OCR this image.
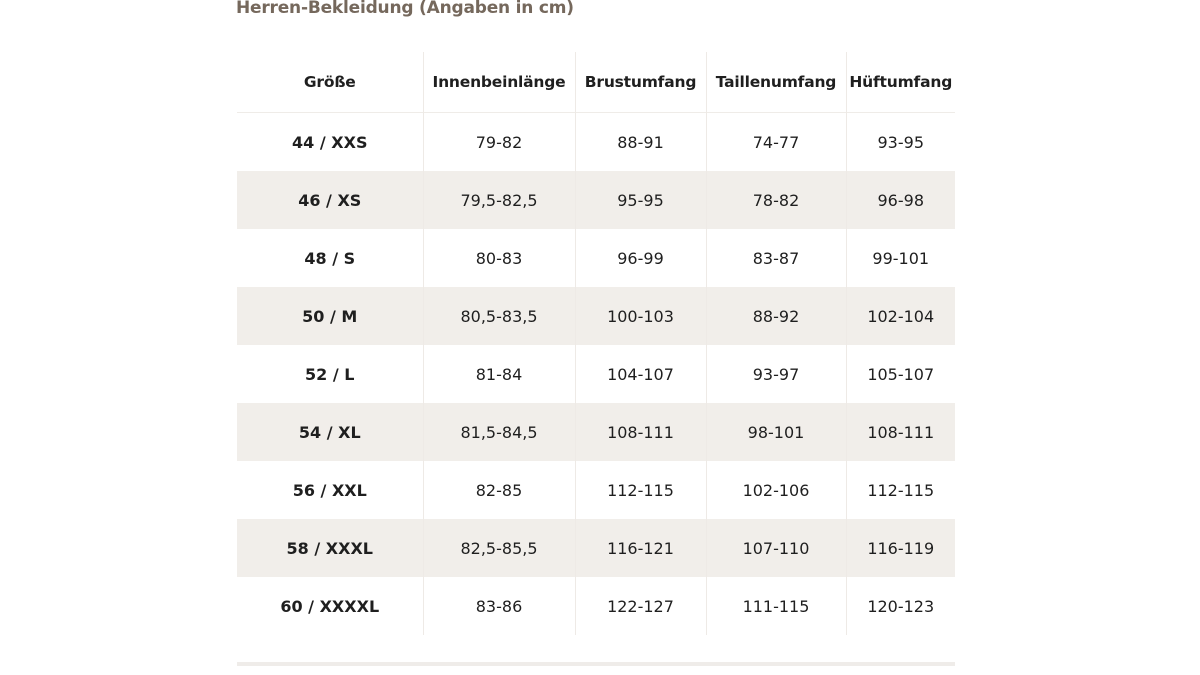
Herren-Bekleidung (Angaben in cm)
Größe	Innenbeinlänge	Brustumfang	Taillenumfang	Hüftumfang
44 / XXS	79-82	88-91	74-77	93-95
46 / XS	79,5-82,5	95-95	78-82	96-98
48 / S	80-83	96-99	83-87	99-101
50 / M	80,5-83,5	100-103	88-92	102-104
52 / L	81-84	104-107	93-97	105-107
54 / XL	81,5-84,5	108-111	98-101	108-111
56 / XXL	82-85	112-115	102-106	112-115
58 / XXXL	82,5-85,5	116-121	107-110	116-119
60 / XXXXL	83-86	122-127	111-115	120-123
